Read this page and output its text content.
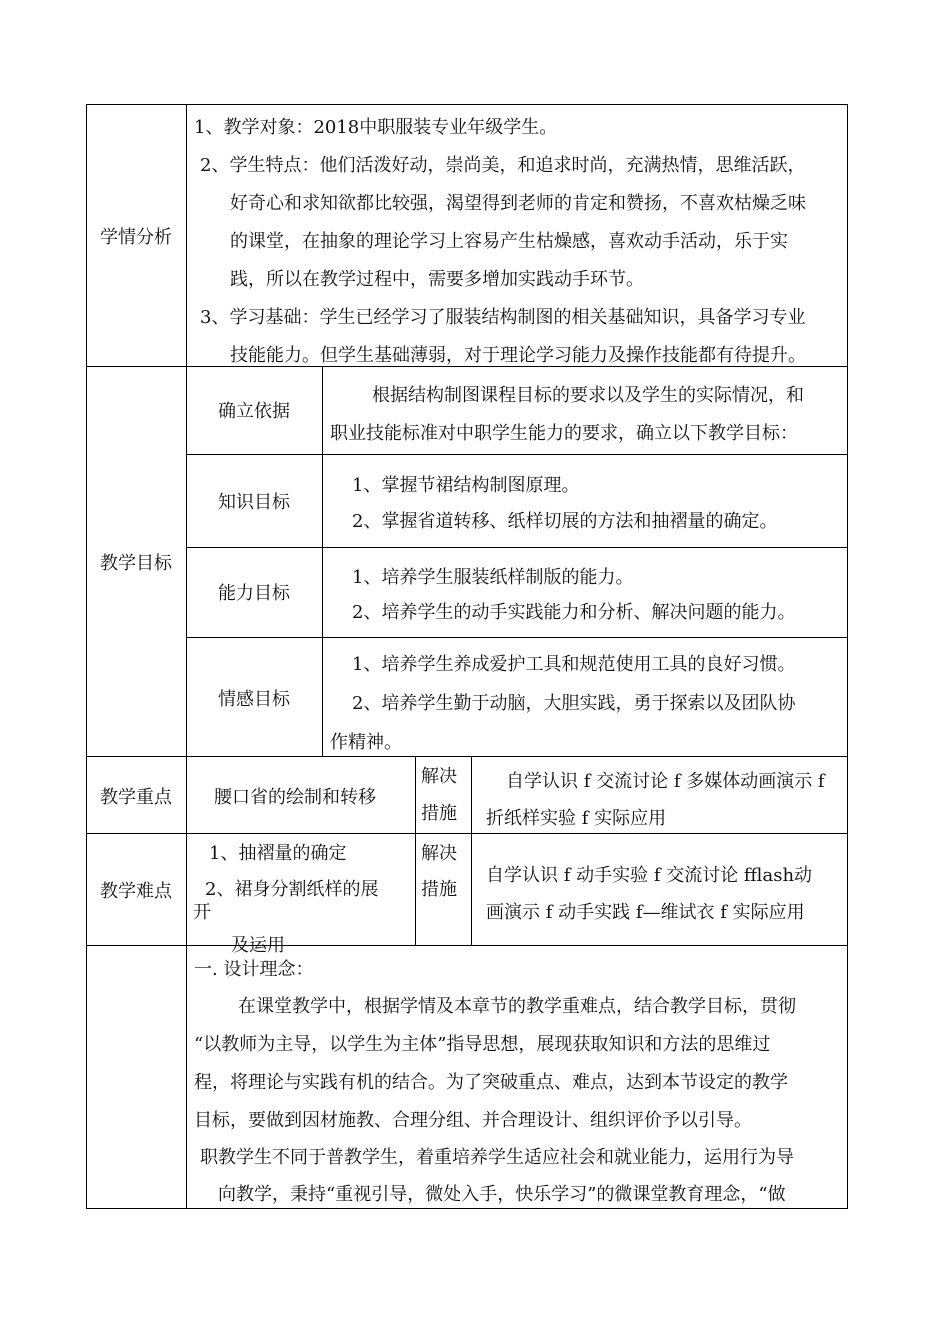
学情分析
1、教学对象：2018中职服装专业年级学生。
2、学生特点：他们活泼好动，崇尚美，和追求时尚，充满热情，思维活跃，
好奇心和求知欲都比较强，渴望得到老师的肯定和赞扬，不喜欢枯燥乏味
的课堂，在抽象的理论学习上容易产生枯燥感，喜欢动手活动，乐于实
践，所以在教学过程中，需要多增加实践动手环节。
3、学习基础：学生已经学习了服装结构制图的相关基础知识，具备学习专业
技能能力。但学生基础薄弱，对于理论学习能力及操作技能都有待提升。
教学目标
确立依据
根据结构制图课程目标的要求以及学生的实际情况，和
职业技能标准对中职学生能力的要求，确立以下教学目标：
知识目标
1、掌握节裙结构制图原理。
2、掌握省道转移、纸样切展的方法和抽褶量的确定。
能力目标
1、培养学生服装纸样制版的能力。
2、培养学生的动手实践能力和分析、解决问题的能力。
情感目标
1、培养学生养成爱护工具和规范使用工具的良好习惯。
2、培养学生勤于动脑，大胆实践，勇于探索以及团队协
作精神。
教学重点	腰口省的绘制和转移
解决
措施
自学认识 f 交流讨论 f 多媒体动画演示 f
折纸样实验 f 实际应用
教学难点
1、抽褶量的确定
2、裙身分割纸样的展
开
及运用
解决
措施
自学认识 f 动手实验 f 交流讨论 fflash动
画演示 f 动手实践 f—维试衣 f 实际应用
一. 设计理念：
在课堂教学中，根据学情及本章节的教学重难点，结合教学目标，贯彻
“以教师为主导，以学生为主体”指导思想，展现获取知识和方法的思维过
程，将理论与实践有机的结合。为了突破重点、难点，达到本节设定的教学
目标，要做到因材施教、合理分组、并合理设计、组织评价予以引导。
职教学生不同于普教学生，着重培养学生适应社会和就业能力，运用行为导
向教学，秉持“重视引导，微处入手，快乐学习”的微课堂教育理念，“做
